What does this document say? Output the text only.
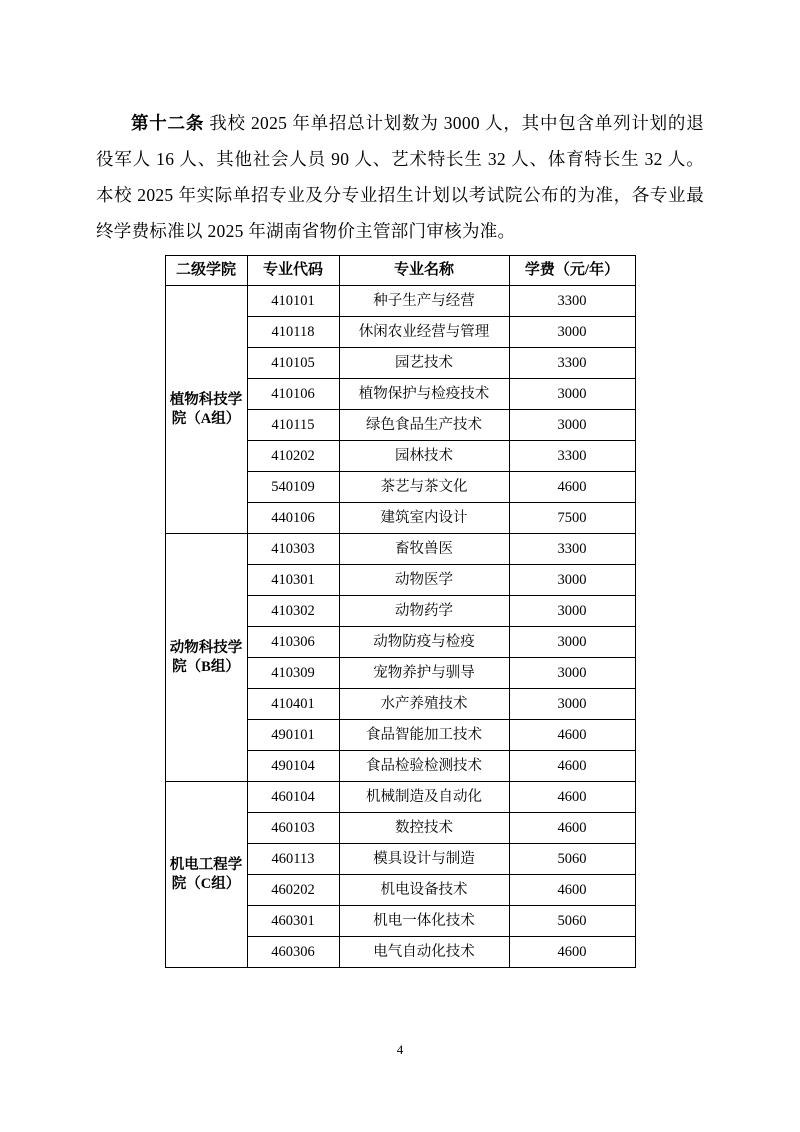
第十二条 我校 2025 年单招总计划数为 3000 人，其中包含单列计划的退役军人 16 人、其他社会人员 90 人、艺术特长生 32 人、体育特长生 32 人。本校 2025 年实际单招专业及分专业招生计划以考试院公布的为准，各专业最终学费标准以 2025 年湖南省物价主管部门审核为准。

二级学院	专业代码	专业名称	学费（元/年）
植物科技学院（A组）	410101	种子生产与经营	3300
	410118	休闲农业经营与管理	3000
	410105	园艺技术	3300
	410106	植物保护与检疫技术	3000
	410115	绿色食品生产技术	3000
	410202	园林技术	3300
	540109	茶艺与茶文化	4600
	440106	建筑室内设计	7500
动物科技学院（B组）	410303	畜牧兽医	3300
	410301	动物医学	3000
	410302	动物药学	3000
	410306	动物防疫与检疫	3000
	410309	宠物养护与驯导	3000
	410401	水产养殖技术	3000
	490101	食品智能加工技术	4600
	490104	食品检验检测技术	4600
机电工程学院（C组）	460104	机械制造及自动化	4600
	460103	数控技术	4600
	460113	模具设计与制造	5060
	460202	机电设备技术	4600
	460301	机电一体化技术	5060
	460306	电气自动化技术	4600
4
